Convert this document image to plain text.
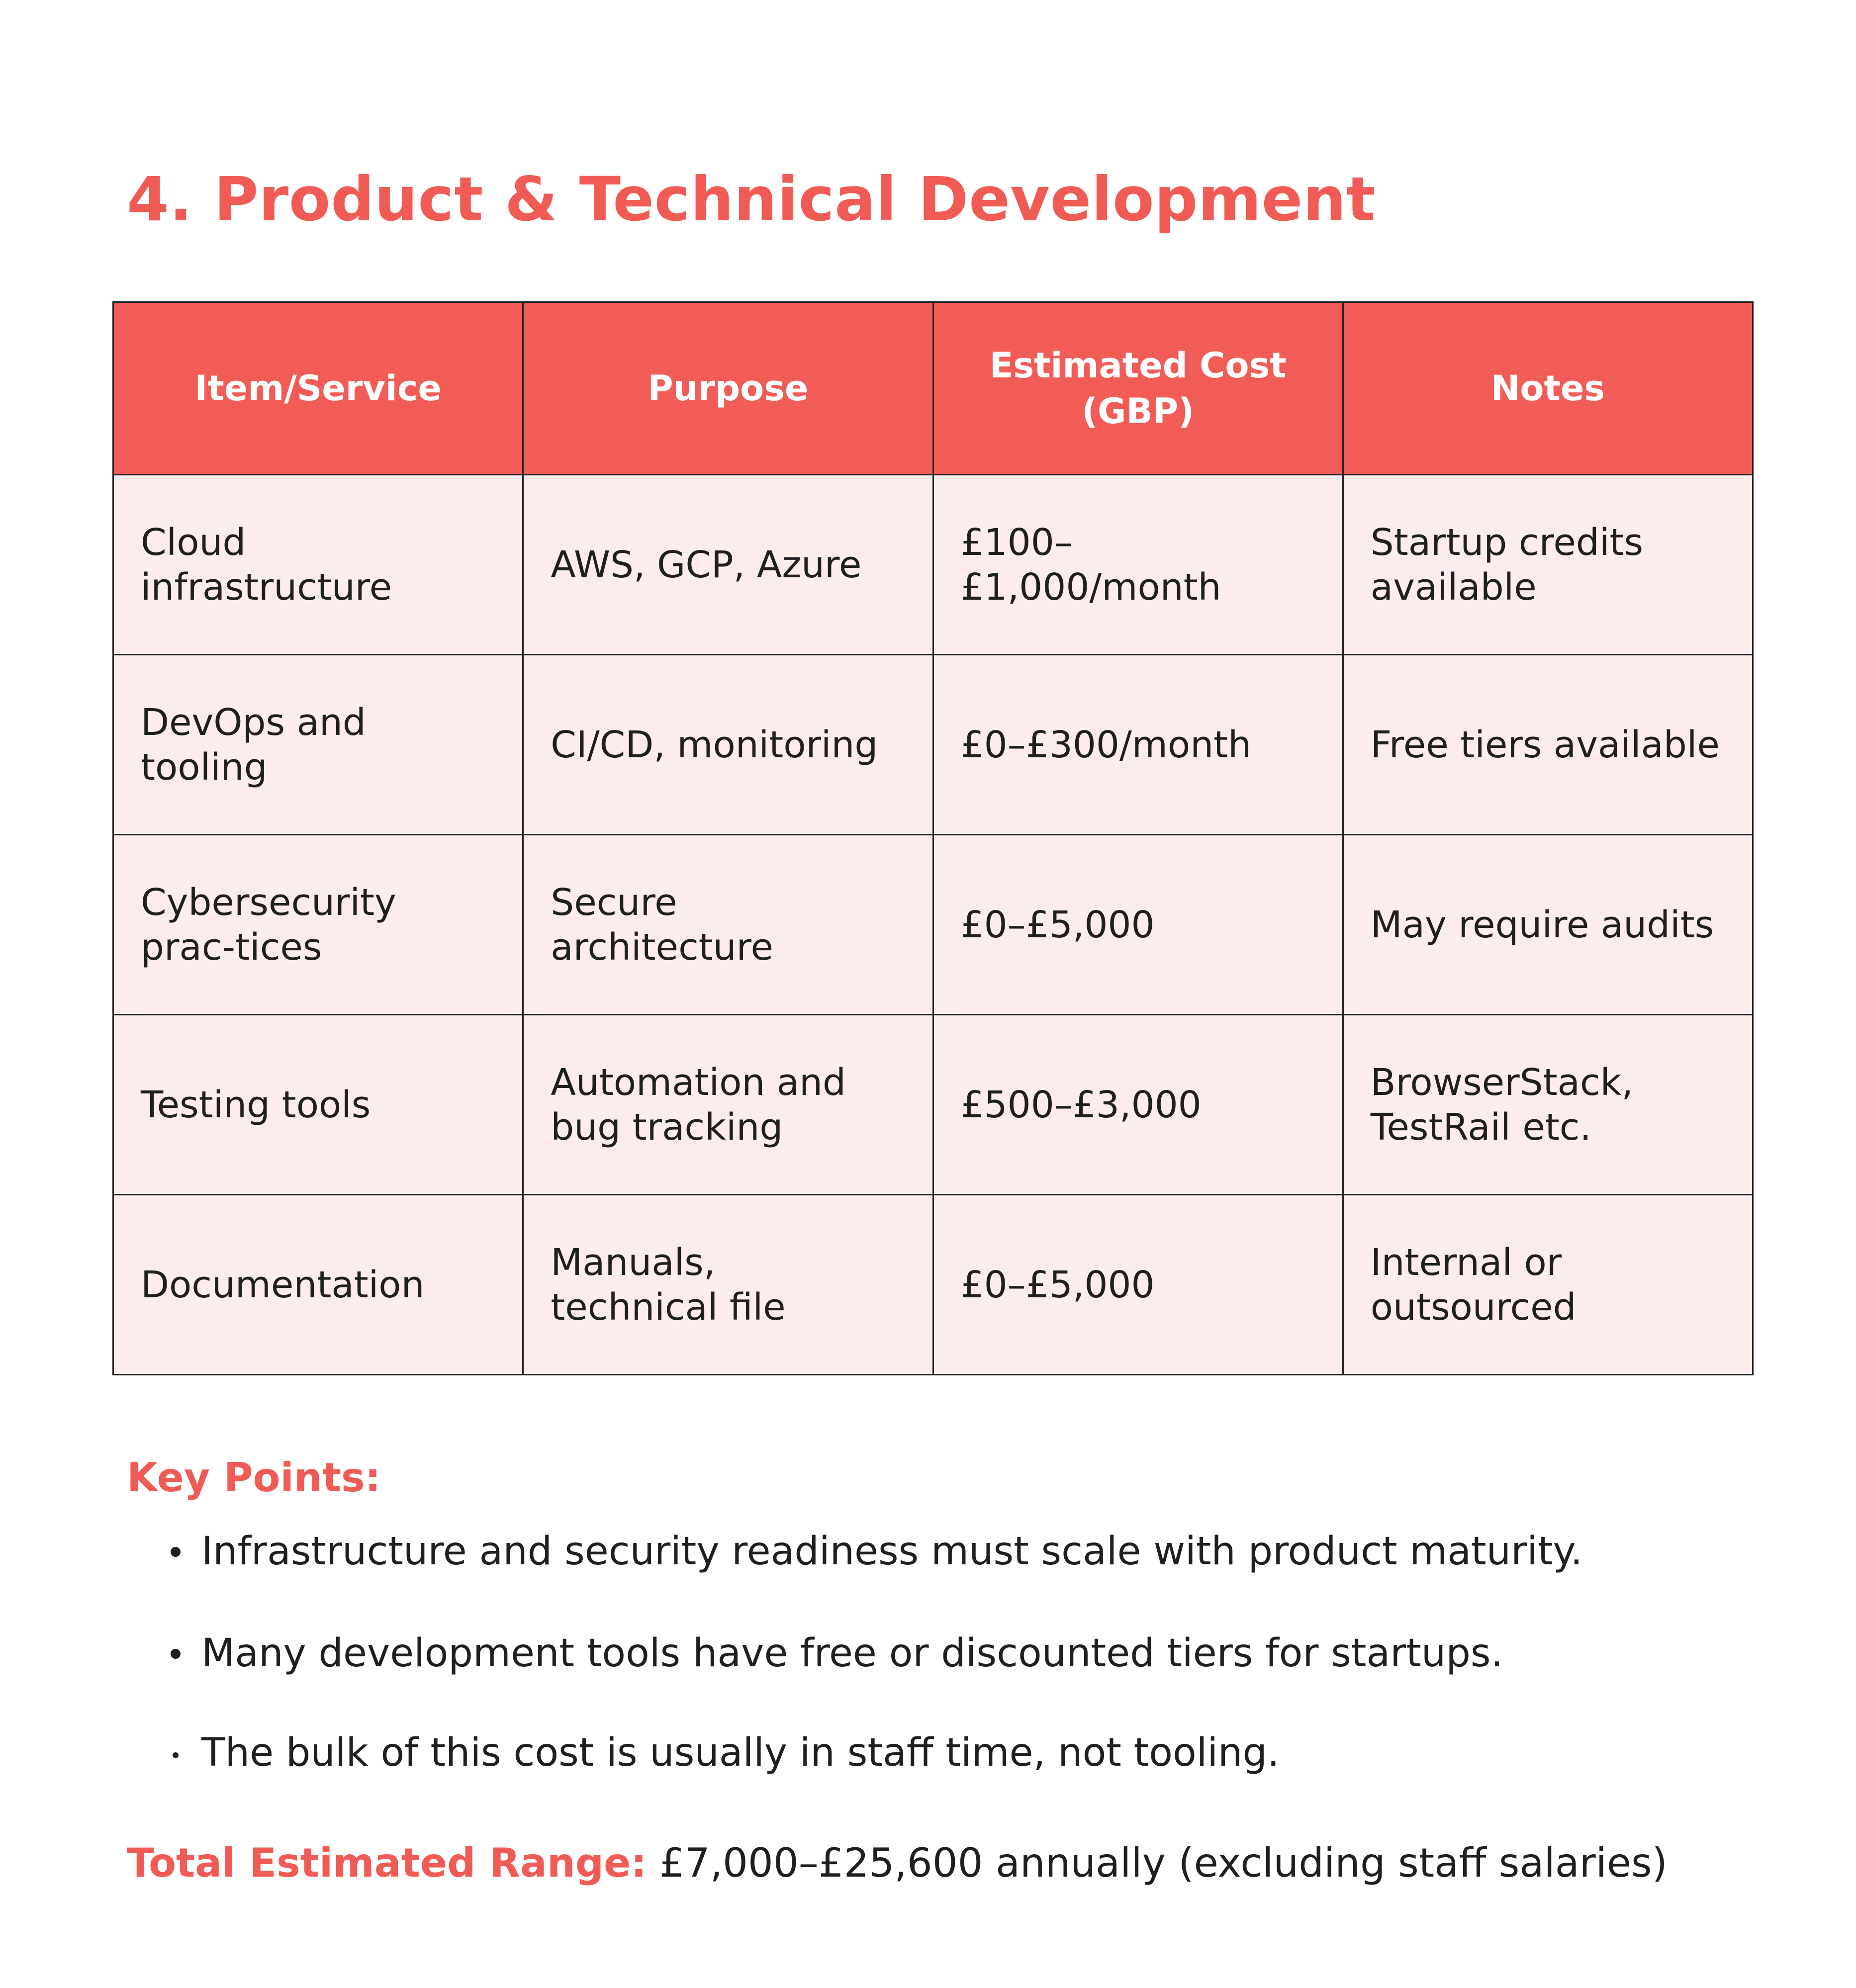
4. Product & Technical Development
Item/Service	Purpose	Estimated Cost (GBP)	Notes
Cloud infrastructure	AWS, GCP, Azure	£100–£1,000/month	Startup credits available
DevOps and tooling	CI/CD, monitoring	£0–£300/month	Free tiers available
Cybersecurity prac-tices	Secure architecture	£0–£5,000	May require audits
Testing tools	Automation and bug tracking	£500–£3,000	BrowserStack, TestRail etc.
Documentation	Manuals, technical file	£0–£5,000	Internal or outsourced
Key Points:
Infrastructure and security readiness must scale with product maturity.
Many development tools have free or discounted tiers for startups.
The bulk of this cost is usually in staff time, not tooling.
Total Estimated Range: £7,000–£25,600 annually (excluding staff salaries)
